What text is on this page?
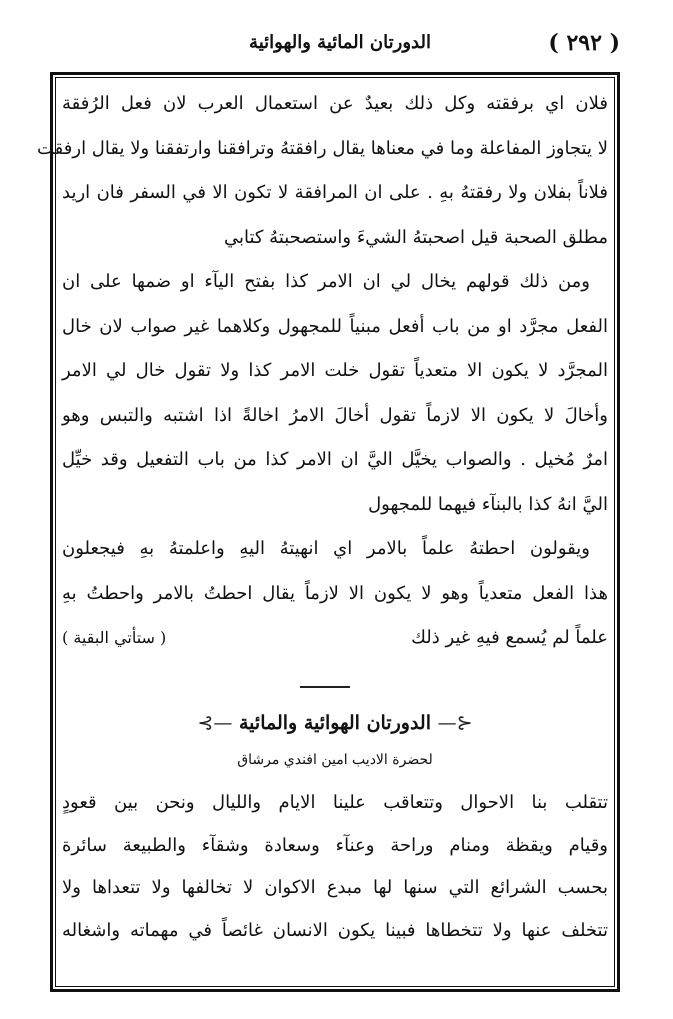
( ٢٩٢ )
الدورتان المائية والهوائية
فلان اي برفقته وكل ذلك بعيدٌ عن استعمال العرب لان فعل الرُفقة
لا يتجاوز المفاعلة وما في معناها يقال رافقتهُ وترافقنا وارتفقنا ولا يقال ارفقت
فلاناً بفلان ولا رفقتهُ بهِ . على ان المرافقة لا تكون الا في السفر فان اريد
مطلق الصحبة قيل اصحبتهُ الشيءَ واستصحبتهُ كتابي
ومن ذلك قولهم يخال لي ان الامر كذا بفتح اليآء او ضمها على ان
الفعل مجرَّد او من باب أفعل مبنياً للمجهول وكلاهما غير صواب لان خال
المجرَّد لا يكون الا متعدياً تقول خلت الامر كذا ولا تقول خال لي الامر
وأخالَ لا يكون الا لازماً تقول أخالَ الامرُ اخالةً اذا اشتبه والتبس وهو
امرٌ مُخيل . والصواب يخيَّل اليَّ ان الامر كذا من باب التفعيل وقد خيِّل
اليَّ انهُ كذا بالبنآء فيهما للمجهول
ويقولون احطتهُ علماً بالامر اي انهيتهُ اليهِ واعلمتهُ بهِ فيجعلون
هذا الفعل متعدياً وهو لا يكون الا لازماً يقال احطتُ بالامر واحطتُ بهِ
علماً لم يُسمع فيهِ غير ذلك
( ستأتي البقية )
⊰— الدورتان الهوائية والمائية —⊱
لحضرة الاديب امين افندي مرشاق
تتقلب بنا الاحوال وتتعاقب علينا الايام والليال ونحن بين قعودٍ
وقيام ويقظة ومنام وراحة وعنآء وسعادة وشقآء والطبيعة سائرة
بحسب الشرائع التي سنها لها مبدع الاكوان لا تخالفها ولا تتعداها ولا
تتخلف عنها ولا تتخطاها فبينا يكون الانسان غائصاً في مهماته واشغاله
